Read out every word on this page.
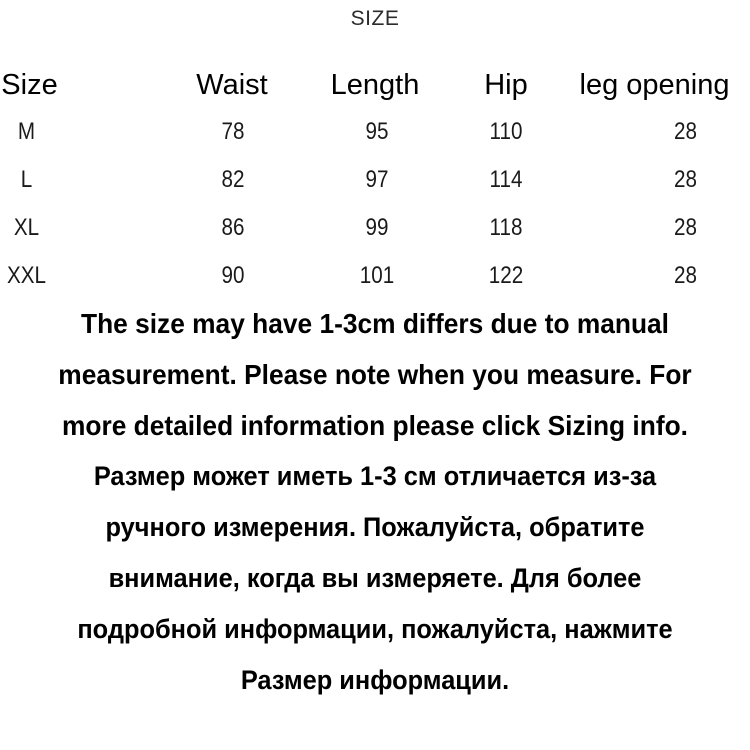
SIZE
Size	Waist	Length	Hip	leg opening
M	78	95	110	28
L	82	97	114	28
XL	86	99	118	28
XXL	90	101	122	28
The size may have 1-3cm differs due to manual
measurement. Please note when you measure. For
more detailed information please click Sizing info.
Размер может иметь 1-3 см отличается из-за
ручного измерения. Пожалуйста, обратите
внимание, когда вы измеряете. Для более
подробной информации, пожалуйста, нажмите
Размер информации.
